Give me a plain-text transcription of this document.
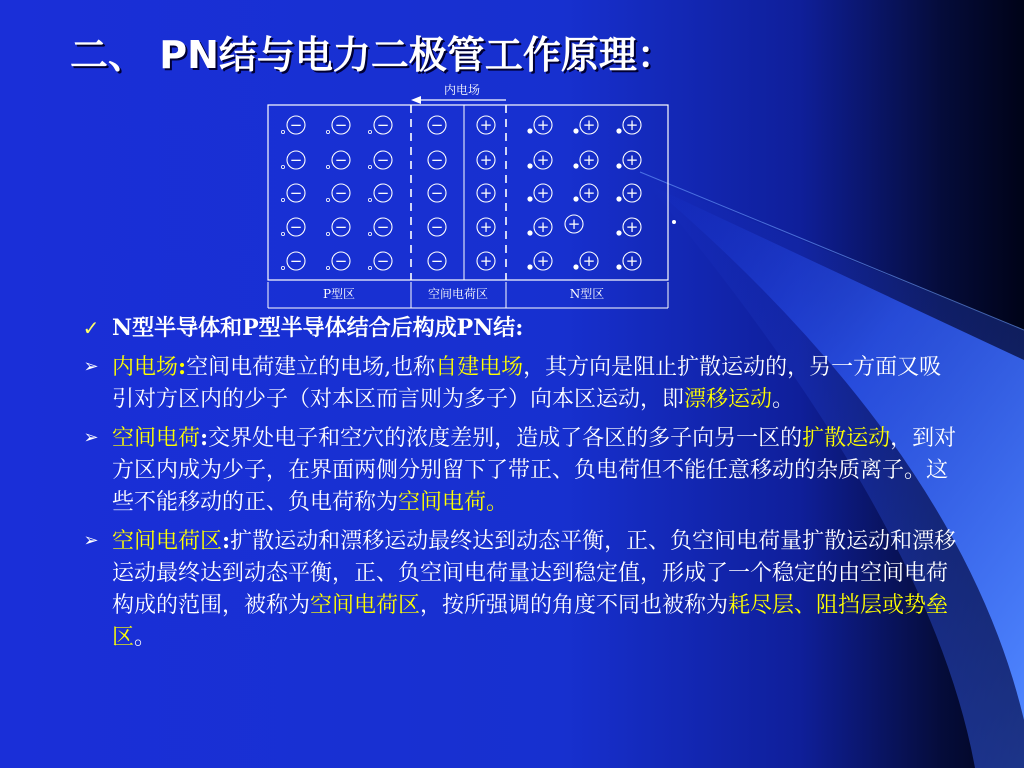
二、 PN结与电力二极管工作原理：
内电场
− − −	− +	+ + +
− − −	− +	+ + +
− − −	− +	+ + +
− − −	− +	+	+
− − −	− +	+ + +
+
P型区	空间电荷区	N型区
✓ N型半导体和P型半导体结合后构成PN结:
➢ 内电场:空间电荷建立的电场,也称自建电场，其方向是阻止扩散运动的，另一方面又吸引对方区内的少子（对本区而言则为多子）向本区运动，即漂移运动。
➢ 空间电荷:交界处电子和空穴的浓度差别，造成了各区的多子向另一区的扩散运动，到对方区内成为少子，在界面两侧分别留下了带正、负电荷但不能任意移动的杂质离子。这些不能移动的正、负电荷称为空间电荷。
➢ 空间电荷区:扩散运动和漂移运动最终达到动态平衡，正、负空间电荷量扩散运动和漂移运动最终达到动态平衡，正、负空间电荷量达到稳定值，形成了一个稳定的由空间电荷构成的范围，被称为空间电荷区，按所强调的角度不同也被称为耗尽层、阻挡层或势垒区。
